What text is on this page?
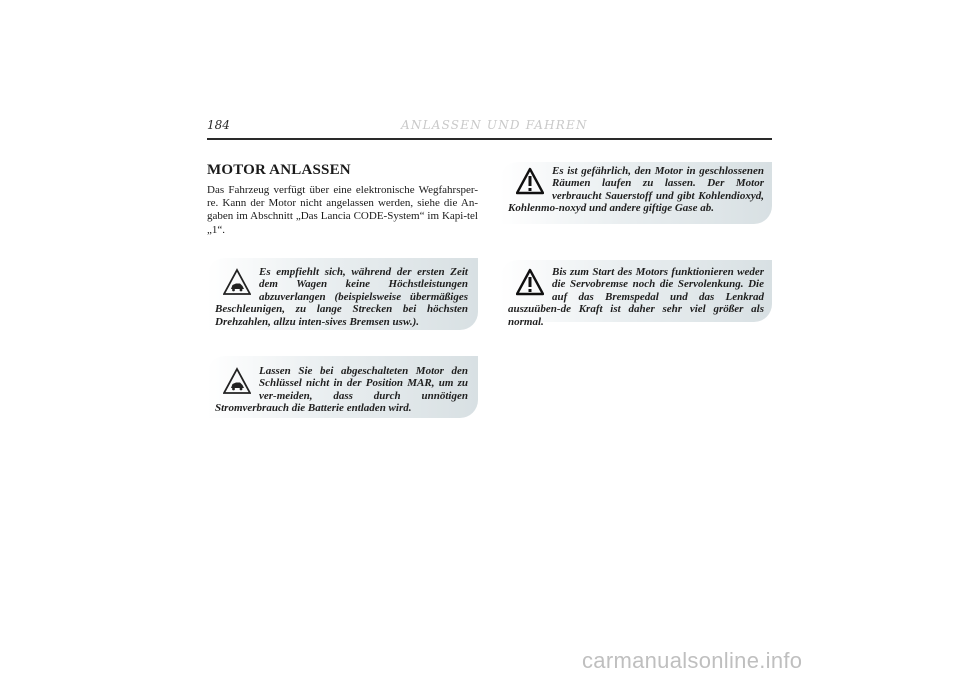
184	ANLASSEN UND FAHREN
MOTOR ANLASSEN
Das Fahrzeug verfügt über eine elektronische Wegfahrsper-re. Kann der Motor nicht angelassen werden, siehe die An-gaben im Abschnitt „Das Lancia CODE-System“ im Kapi-tel „1“.
Es empfiehlt sich, während der ersten Zeit dem Wagen keine Höchstleistungen abzuverlangen (beispielsweise übermäßiges Beschleunigen, zu lange Strecken bei höchsten Drehzahlen, allzu inten-sives Bremsen usw.).
Lassen Sie bei abgeschalteten Motor den Schlüssel nicht in der Position MAR, um zu ver-meiden, dass durch unnötigen Stromverbrauch die Batterie entladen wird.
Es ist gefährlich, den Motor in geschlossenen Räumen laufen zu lassen. Der Motor verbraucht Sauerstoff und gibt Kohlendioxyd, Kohlenmo-noxyd und andere giftige Gase ab.
Bis zum Start des Motors funktionieren weder die Servobremse noch die Servolenkung. Die auf das Bremspedal und das Lenkrad auszuüben-de Kraft ist daher sehr viel größer als normal.
carmanualsonline.info
